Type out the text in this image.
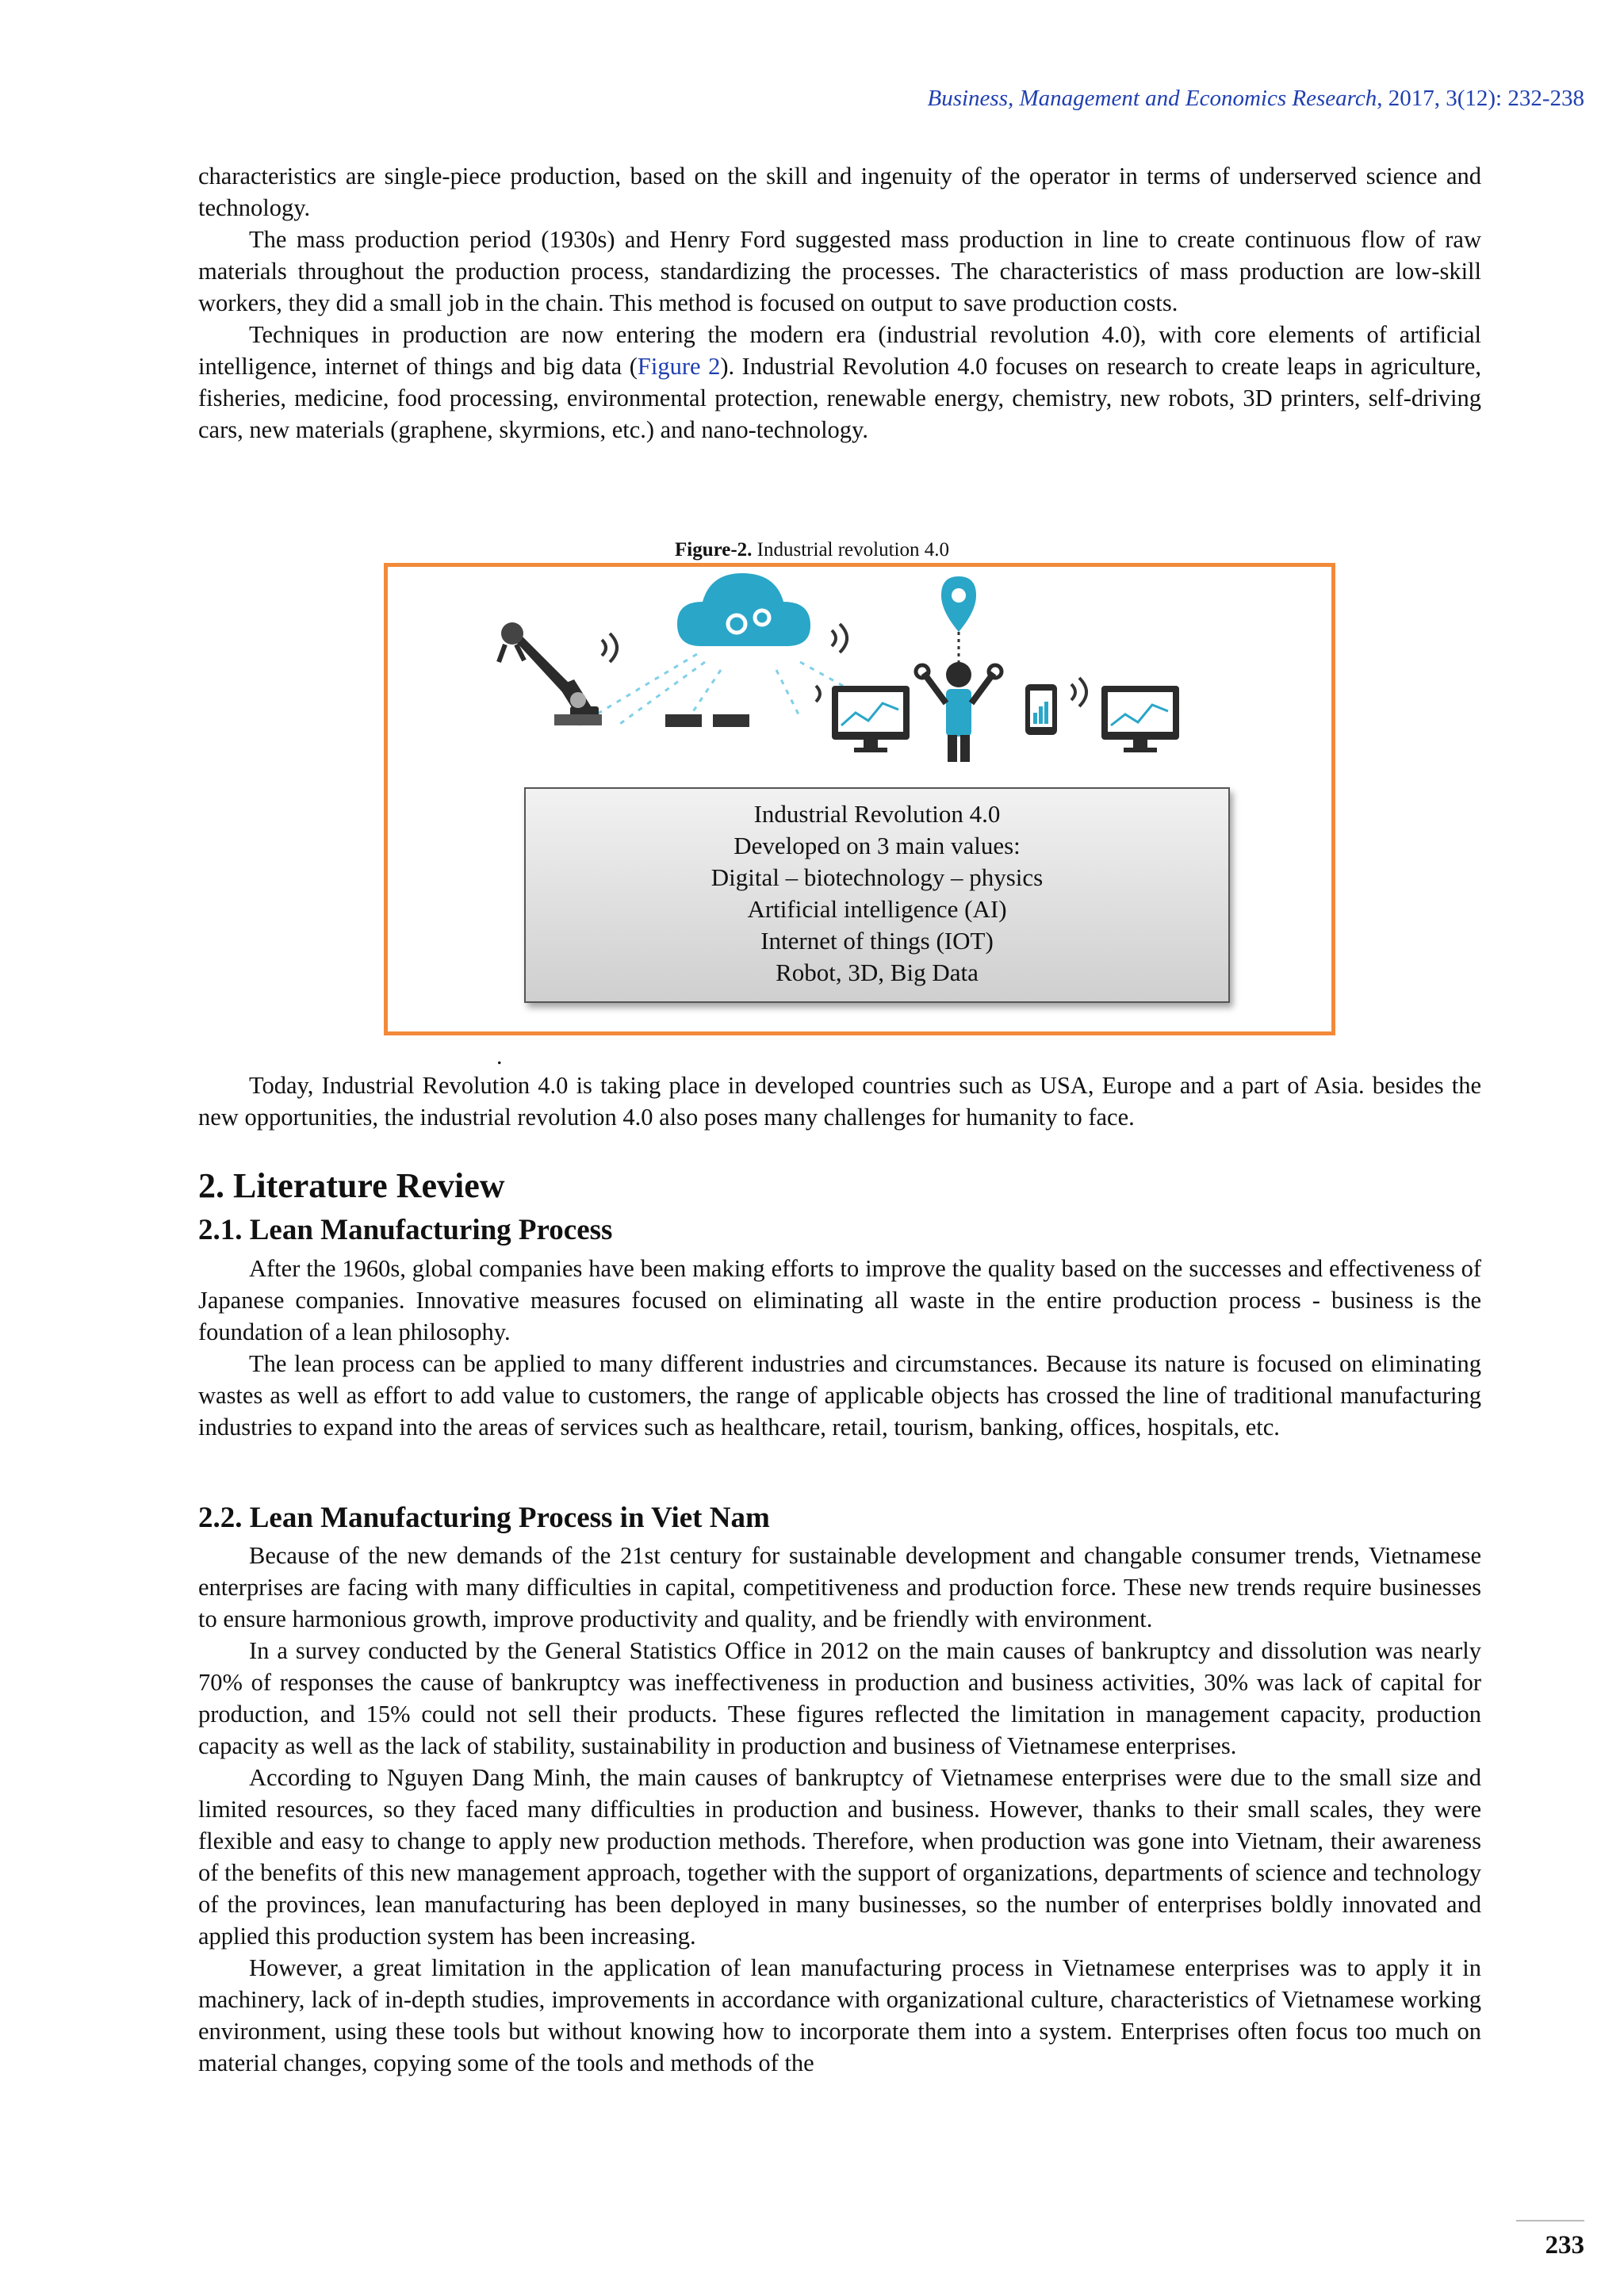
Business, Management and Economics Research, 2017, 3(12): 232-238

characteristics are single-piece production, based on the skill and ingenuity of the operator in terms of underserved science and technology.

The mass production period (1930s) and Henry Ford suggested mass production in line to create continuous flow of raw materials throughout the production process, standardizing the processes. The characteristics of mass production are low-skill workers, they did a small job in the chain. This method is focused on output to save production costs.

Techniques in production are now entering the modern era (industrial revolution 4.0), with core elements of artificial intelligence, internet of things and big data (Figure 2). Industrial Revolution 4.0 focuses on research to create leaps in agriculture, fisheries, medicine, food processing, environmental protection, renewable energy, chemistry, new robots, 3D printers, self-driving cars, new materials (graphene, skyrmions, etc.) and nano-technology.

Figure-2. Industrial revolution 4.0
Industrial Revolution 4.0
Developed on 3 main values:
Digital – biotechnology – physics
Artificial intelligence (AI)
Internet of things (IOT)
Robot, 3D, Big Data
.

Today, Industrial Revolution 4.0 is taking place in developed countries such as USA, Europe and a part of Asia. besides the new opportunities, the industrial revolution 4.0 also poses many challenges for humanity to face.

2. Literature Review
2.1. Lean Manufacturing Process

After the 1960s, global companies have been making efforts to improve the quality based on the successes and effectiveness of Japanese companies. Innovative measures focused on eliminating all waste in the entire production process - business is the foundation of a lean philosophy.

The lean process can be applied to many different industries and circumstances. Because its nature is focused on eliminating wastes as well as effort to add value to customers, the range of applicable objects has crossed the line of traditional manufacturing industries to expand into the areas of services such as healthcare, retail, tourism, banking, offices, hospitals, etc.

2.2. Lean Manufacturing Process in Viet Nam

Because of the new demands of the 21st century for sustainable development and changable consumer trends, Vietnamese enterprises are facing with many difficulties in capital, competitiveness and production force. These new trends require businesses to ensure harmonious growth, improve productivity and quality, and be friendly with environment.

In a survey conducted by the General Statistics Office in 2012 on the main causes of bankruptcy and dissolution was nearly 70% of responses the cause of bankruptcy was ineffectiveness in production and business activities, 30% was lack of capital for production, and 15% could not sell their products. These figures reflected the limitation in management capacity, production capacity as well as the lack of stability, sustainability in production and business of Vietnamese enterprises.

According to Nguyen Dang Minh, the main causes of bankruptcy of Vietnamese enterprises were due to the small size and limited resources, so they faced many difficulties in production and business. However, thanks to their small scales, they were flexible and easy to change to apply new production methods. Therefore, when production was gone into Vietnam, their awareness of the benefits of this new management approach, together with the support of organizations, departments of science and technology of the provinces, lean manufacturing has been deployed in many businesses, so the number of enterprises boldly innovated and applied this production system has been increasing.

However, a great limitation in the application of lean manufacturing process in Vietnamese enterprises was to apply it in machinery, lack of in-depth studies, improvements in accordance with organizational culture, characteristics of Vietnamese working environment, using these tools but without knowing how to incorporate them into a system. Enterprises often focus too much on material changes, copying some of the tools and methods of the

233
